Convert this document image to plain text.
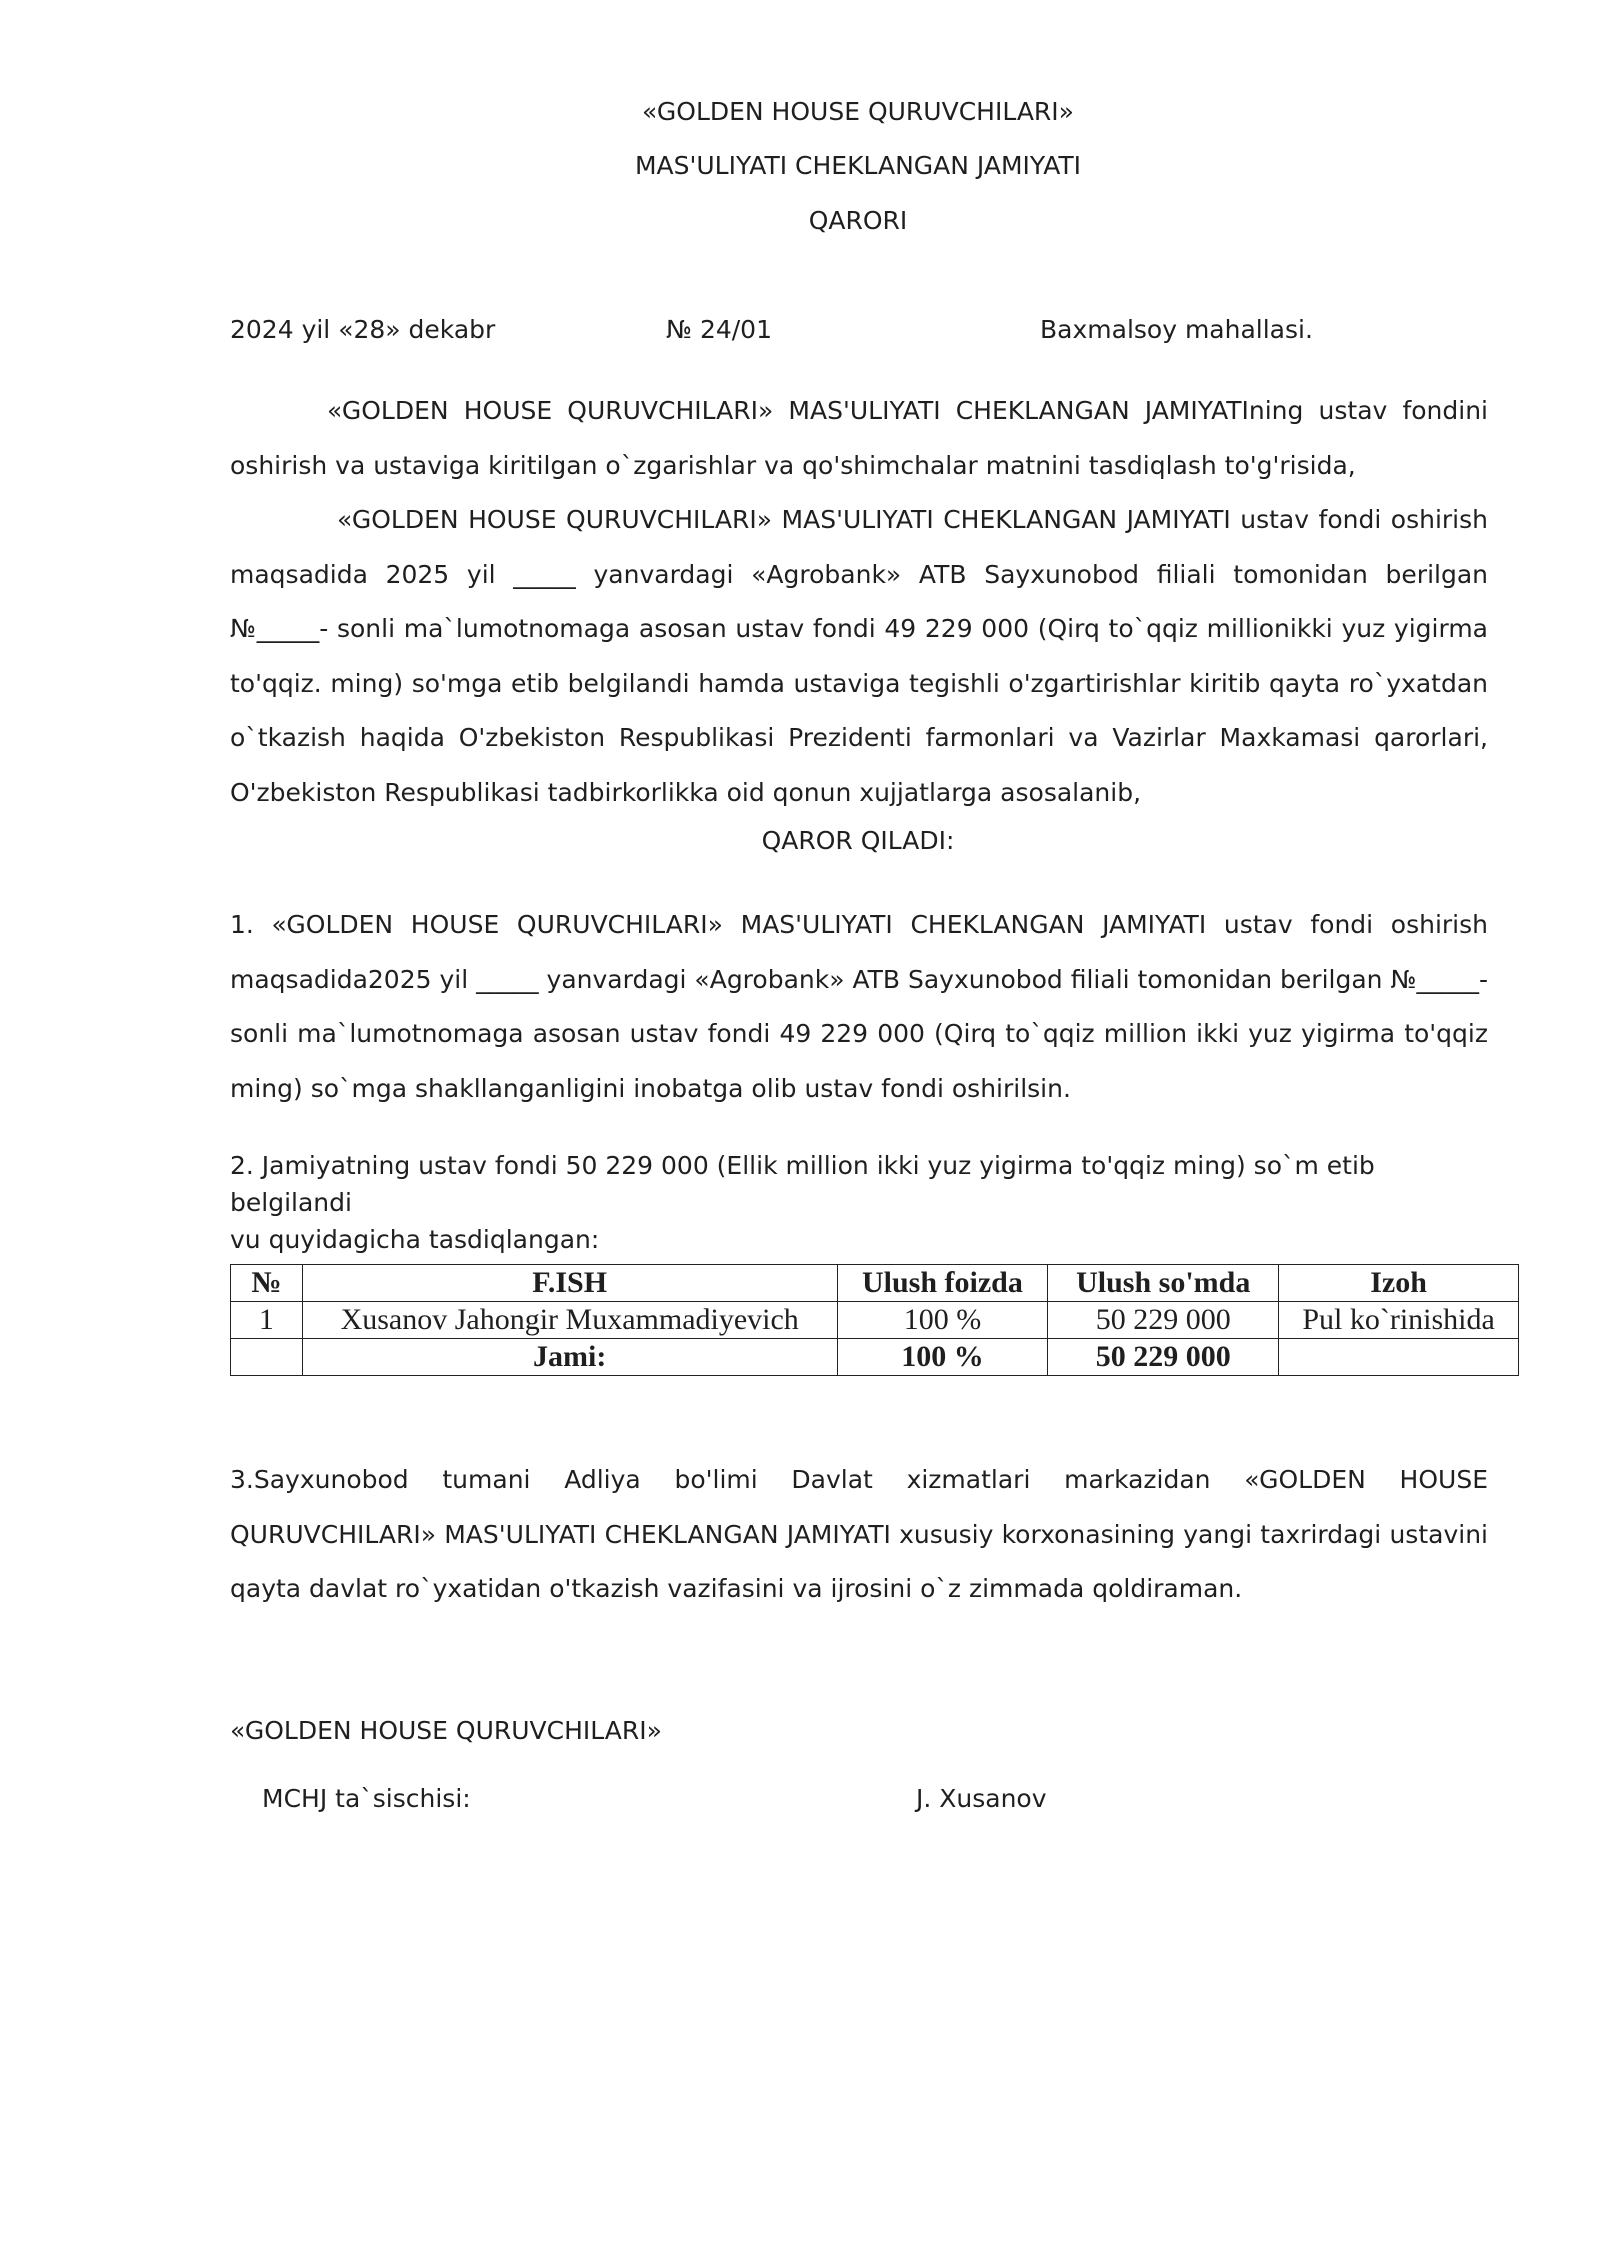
«GOLDEN HOUSE QURUVCHILARI»
MAS'ULIYATI CHEKLANGAN JAMIYATI
QARORI
2024 yil «28» dekabr	№ 24/01	Baxmalsoy mahallasi.

«GOLDEN HOUSE QURUVCHILARI» MAS'ULIYATI CHEKLANGAN JAMIYATIning ustav fondini oshirish va ustaviga kiritilgan o`zgarishlar va qo'shimchalar matnini tasdiqlash to'g'risida,

«GOLDEN HOUSE QURUVCHILARI» MAS'ULIYATI CHEKLANGAN JAMIYATI ustav fondi oshirish maqsadida 2025 yil _____ yanvardagi «Agrobank» ATB Sayxunobod filiali tomonidan berilgan №_____- sonli ma`lumotnomaga asosan ustav fondi 49 229 000 (Qirq to`qqiz millionikki yuz yigirma to'qqiz. ming) so'mga etib belgilandi hamda ustaviga tegishli o'zgartirishlar kiritib qayta ro`yxatdan o`tkazish haqida O'zbekiston Respublikasi Prezidenti farmonlari va Vazirlar Maxkamasi qarorlari, O'zbekiston Respublikasi tadbirkorlikka oid qonun xujjatlarga asosalanib,

QAROR QILADI:

1. «GOLDEN HOUSE QURUVCHILARI» MAS'ULIYATI CHEKLANGAN JAMIYATI ustav fondi oshirish maqsadida2025 yil _____ yanvardagi «Agrobank» ATB Sayxunobod filiali tomonidan berilgan №_____- sonli ma`lumotnomaga asosan ustav fondi 49 229 000 (Qirq to`qqiz million ikki yuz yigirma to'qqiz ming) so`mga shakllanganligini inobatga olib ustav fondi oshirilsin.

2. Jamiyatning ustav fondi 50 229 000 (Ellik million ikki yuz yigirma to'qqiz ming) so`m etib belgilandi
vu quyidagicha tasdiqlangan:
№	F.ISH	Ulush foizda	Ulush so'mda	Izoh
1	Xusanov Jahongir Muxammadiyevich	100 %	50 229 000	Pul ko`rinishida
	Jami:	100 %	50 229 000	

3.Sayxunobod tumani Adliya bo'limi Davlat xizmatlari markazidan «GOLDEN HOUSE QURUVCHILARI» MAS'ULIYATI CHEKLANGAN JAMIYATI xususiy korxonasining yangi taxrirdagi ustavini qayta davlat ro`yxatidan o'tkazish vazifasini va ijrosini o`z zimmada qoldiraman.

«GOLDEN HOUSE QURUVCHILARI»
MCHJ ta`sischisi:	J. Xusanov
